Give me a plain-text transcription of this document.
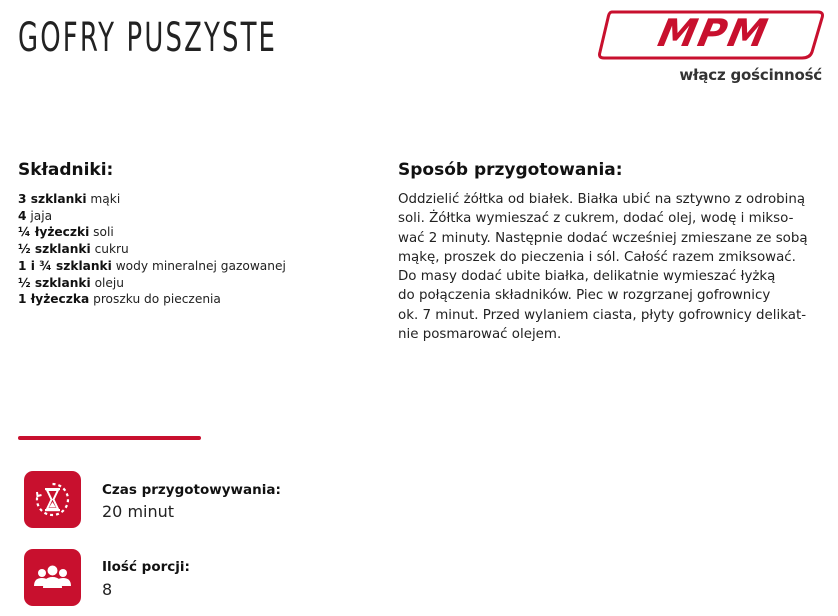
GOFRY PUSZYSTE	MPM
włącz gościnność
Składniki:
3 szklanki mąki
4 jaja
¼ łyżeczki soli
½ szklanki cukru
1 i ¾ szklanki wody mineralnej gazowanej
½ szklanki oleju
1 łyżeczka proszku do pieczenia
Sposób przygotowania:
Oddzielić żółtka od białek. Białka ubić na sztywno z odrobiną
soli. Żółtka wymieszać z cukrem, dodać olej, wodę i mikso-
wać 2 minuty. Następnie dodać wcześniej zmieszane ze sobą
mąkę, proszek do pieczenia i sól. Całość razem zmiksować.
Do masy dodać ubite białka, delikatnie wymieszać łyżką
do połączenia składników. Piec w rozgrzanej gofrownicy
ok. 7 minut. Przed wylaniem ciasta, płyty gofrownicy delikat-
nie posmarować olejem.
Czas przygotowywania:
20 minut
Ilość porcji:
8
